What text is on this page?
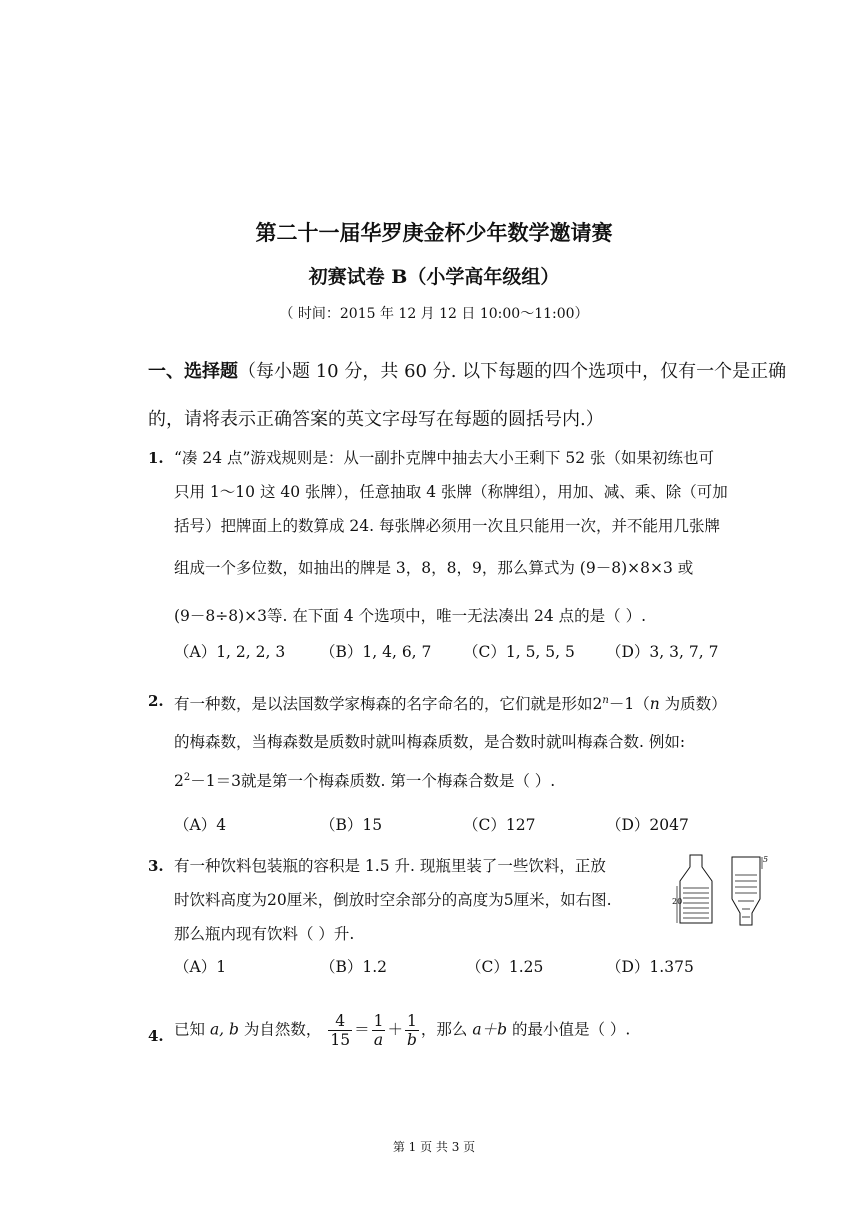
第二十一届华罗庚金杯少年数学邀请赛
初赛试卷 B（小学高年级组）
（ 时间：2015 年 12 月 12 日 10:00～11:00）
一、选择题（每小题 10 分，共 60 分. 以下每题的四个选项中，仅有一个是正确的，请将表示正确答案的英文字母写在每题的圆括号内.）
1. “凑 24 点”游戏规则是：从一副扑克牌中抽去大小王剩下 52 张（如果初练也可
只用 1～10 这 40 张牌），任意抽取 4 张牌（称牌组），用加、减、乘、除（可加
括号）把牌面上的数算成 24. 每张牌必须用一次且只能用一次，并不能用几张牌
组成一个多位数，如抽出的牌是 3，8，8，9，那么算式为 (9－8)×8×3 或
(9－8÷8)×3等. 在下面 4 个选项中，唯一无法凑出 24 点的是（ ）.
（A）1, 2, 2, 3 （B）1, 4, 6, 7 （C）1, 5, 5, 5 （D）3, 3, 7, 7
2. 有一种数，是以法国数学家梅森的名字命名的，它们就是形如$2^n-1(n$ 为质数）
的梅森数，当梅森数是质数时就叫梅森质数，是合数时就叫梅森合数. 例如:
$2^2-1=3$就是第一个梅森质数. 第一个梅森合数是（ ）.
（A）4	（B）15	（C）127	（D）2047
3. 有一种饮料包装瓶的容积是 1.5 升. 现瓶里装了一些饮料，正放
时饮料高度为20厘米，倒放时空余部分的高度为5厘米，如右图.
那么瓶内现有饮料（ ）升.
20
5
（A）1	（B）1.2	（C）1.25	（D）1.375
4. 已知 a, b 为自然数， $\frac{4}{15} = \frac{1}{a} + \frac{1}{b}$ ，那么 a＋b 的最小值是（ ）.
第 1 页 共 3 页
